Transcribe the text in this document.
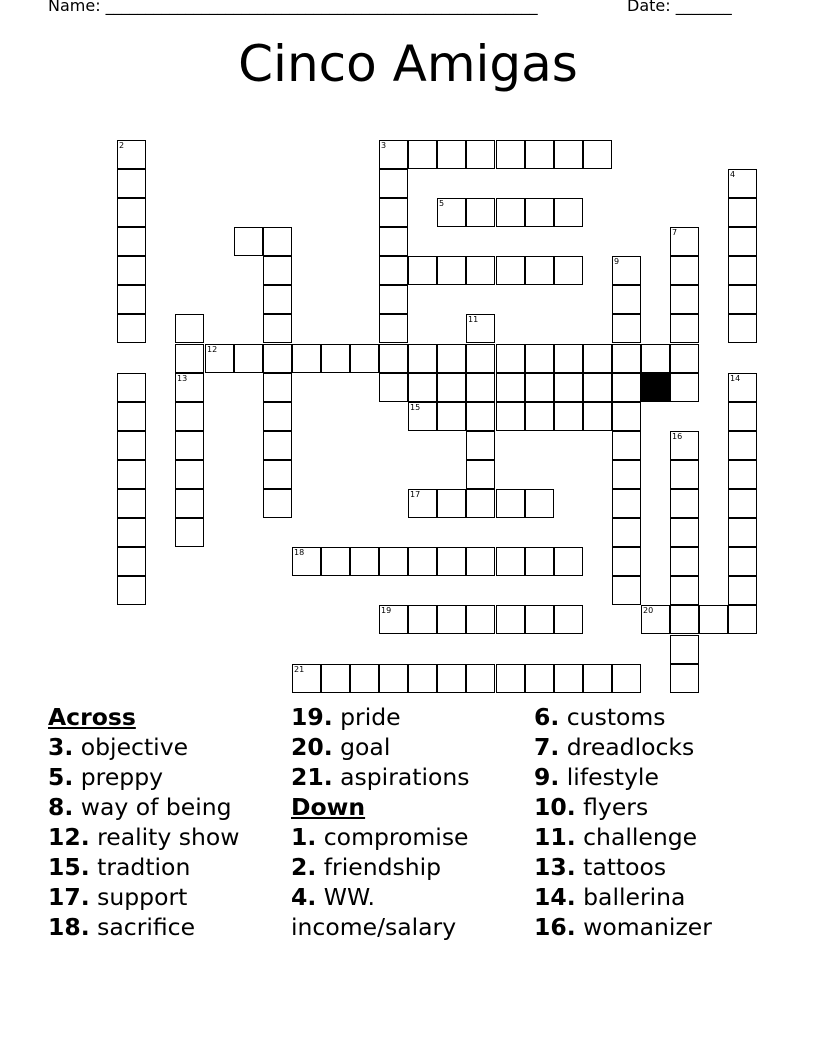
Name: ______________________________________________________	Date: _______
Cinco Amigas
2	3
4
5
7
9
11
12
13	14
15
16
17
18
19	20
21
Across
3. objective
5. preppy
8. way of being
12. reality show
15. tradtion
17. support
18. sacrifice
19. pride
20. goal
21. aspirations
Down
1. compromise
2. friendship
4. WW.
income/salary
6. customs
7. dreadlocks
9. lifestyle
10. flyers
11. challenge
13. tattoos
14. ballerina
16. womanizer
